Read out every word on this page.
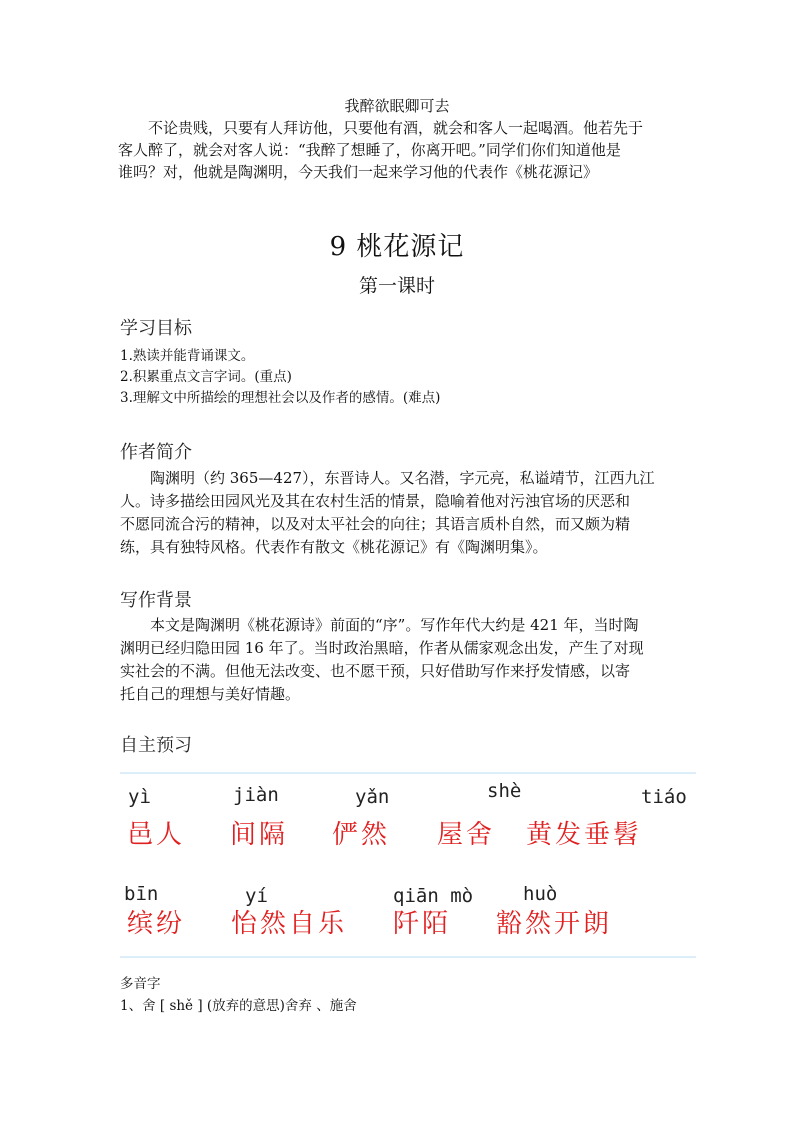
我醉欲眠卿可去
不论贵贱，只要有人拜访他，只要他有酒，就会和客人一起喝酒。他若先于
客人醉了，就会对客人说：“我醉了想睡了，你离开吧。”同学们你们知道他是
谁吗？对，他就是陶渊明，今天我们一起来学习他的代表作《桃花源记》
9 桃花源记
第一课时
学习目标
1.熟读并能背诵课文。
2.积累重点文言字词。(重点)
3.理解文中所描绘的理想社会以及作者的感情。(难点)
作者简介
陶渊明（约 365—427），东晋诗人。又名潜，字元亮，私谥靖节，江西九江
人。诗多描绘田园风光及其在农村生活的情景，隐喻着他对污浊官场的厌恶和
不愿同流合污的精神，以及对太平社会的向往；其语言质朴自然，而又颇为精
练，具有独特风格。代表作有散文《桃花源记》有《陶渊明集》。
写作背景
本文是陶渊明《桃花源诗》前面的“序”。写作年代大约是 421 年，当时陶
渊明已经归隐田园 16 年了。当时政治黑暗，作者从儒家观念出发，产生了对现
实社会的不满。但他无法改变、也不愿干预，只好借助写作来抒发情感，以寄
托自己的理想与美好情趣。
自主预习
yì	jiàn	yǎn	shè	tiáo
邑人 间隔 俨然 屋舍 黄发垂髫
bīn	yí	qiān mò	huò
缤纷 怡然自乐 阡陌 豁然开朗
多音字
1、舍 [ shě ] (放弃的意思)舍弃 、施舍
